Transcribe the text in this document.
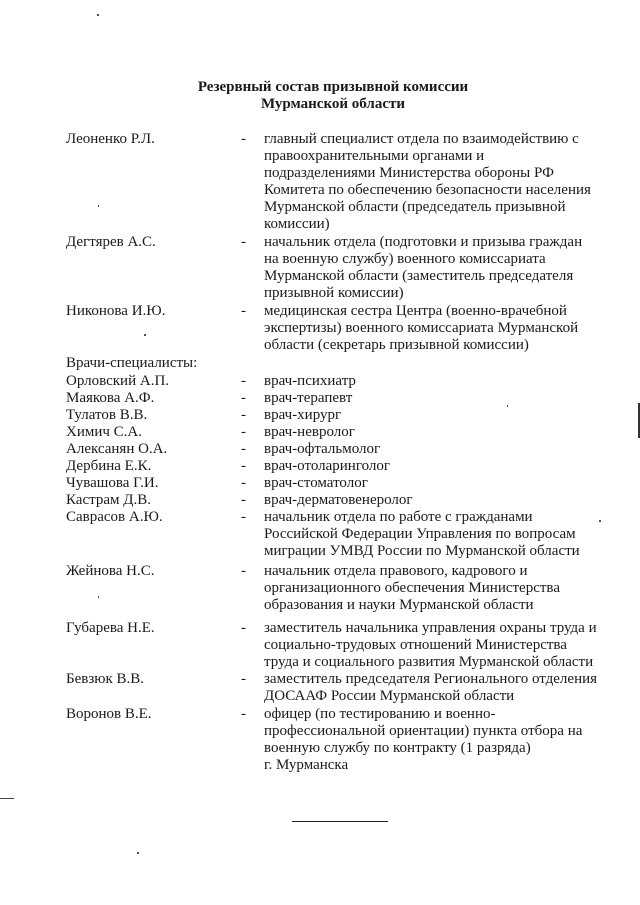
Резервный состав призывной комиссии
Мурманской области
Леоненко Р.Л.	- главный специалист отдела по взаимодействию с
правоохранительными органами и
подразделениями Министерства обороны РФ
Комитета по обеспечению безопасности населения
Мурманской области (председатель призывной
комиссии)
Дегтярев А.С.	- начальник отдела (подготовки и призыва граждан
на военную службу) военного комиссариата
Мурманской области (заместитель председателя
призывной комиссии)
Никонова И.Ю.	- медицинская сестра Центра (военно-врачебной
экспертизы) военного комиссариата Мурманской
области (секретарь призывной комиссии)
Врачи-специалисты:
Орловский А.П.	- врач-психиатр
Маякова А.Ф.	- врач-терапевт
Тулатов В.В.	- врач-хирург
Химич С.А.	- врач-невролог
Алексанян О.А.	- врач-офтальмолог
Дербина Е.К.	- врач-отоларинголог
Чувашова Г.И.	- врач-стоматолог
Кастрам Д.В.	- врач-дерматовенеролог
Саврасов А.Ю.	- начальник отдела по работе с гражданами
Российской Федерации Управления по вопросам
миграции УМВД России по Мурманской области
Жейнова Н.С.	- начальник отдела правового, кадрового и
организационного обеспечения Министерства
образования и науки Мурманской области
Губарева Н.Е.	- заместитель начальника управления охраны труда и
социально-трудовых отношений Министерства
труда и социального развития Мурманской области
Бевзюк В.В.	- заместитель председателя Регионального отделения
ДОСААФ России Мурманской области
Воронов В.Е.	- офицер (по тестированию и военно-
профессиональной ориентации) пункта отбора на
военную службу по контракту (1 разряда)
г. Мурманска
